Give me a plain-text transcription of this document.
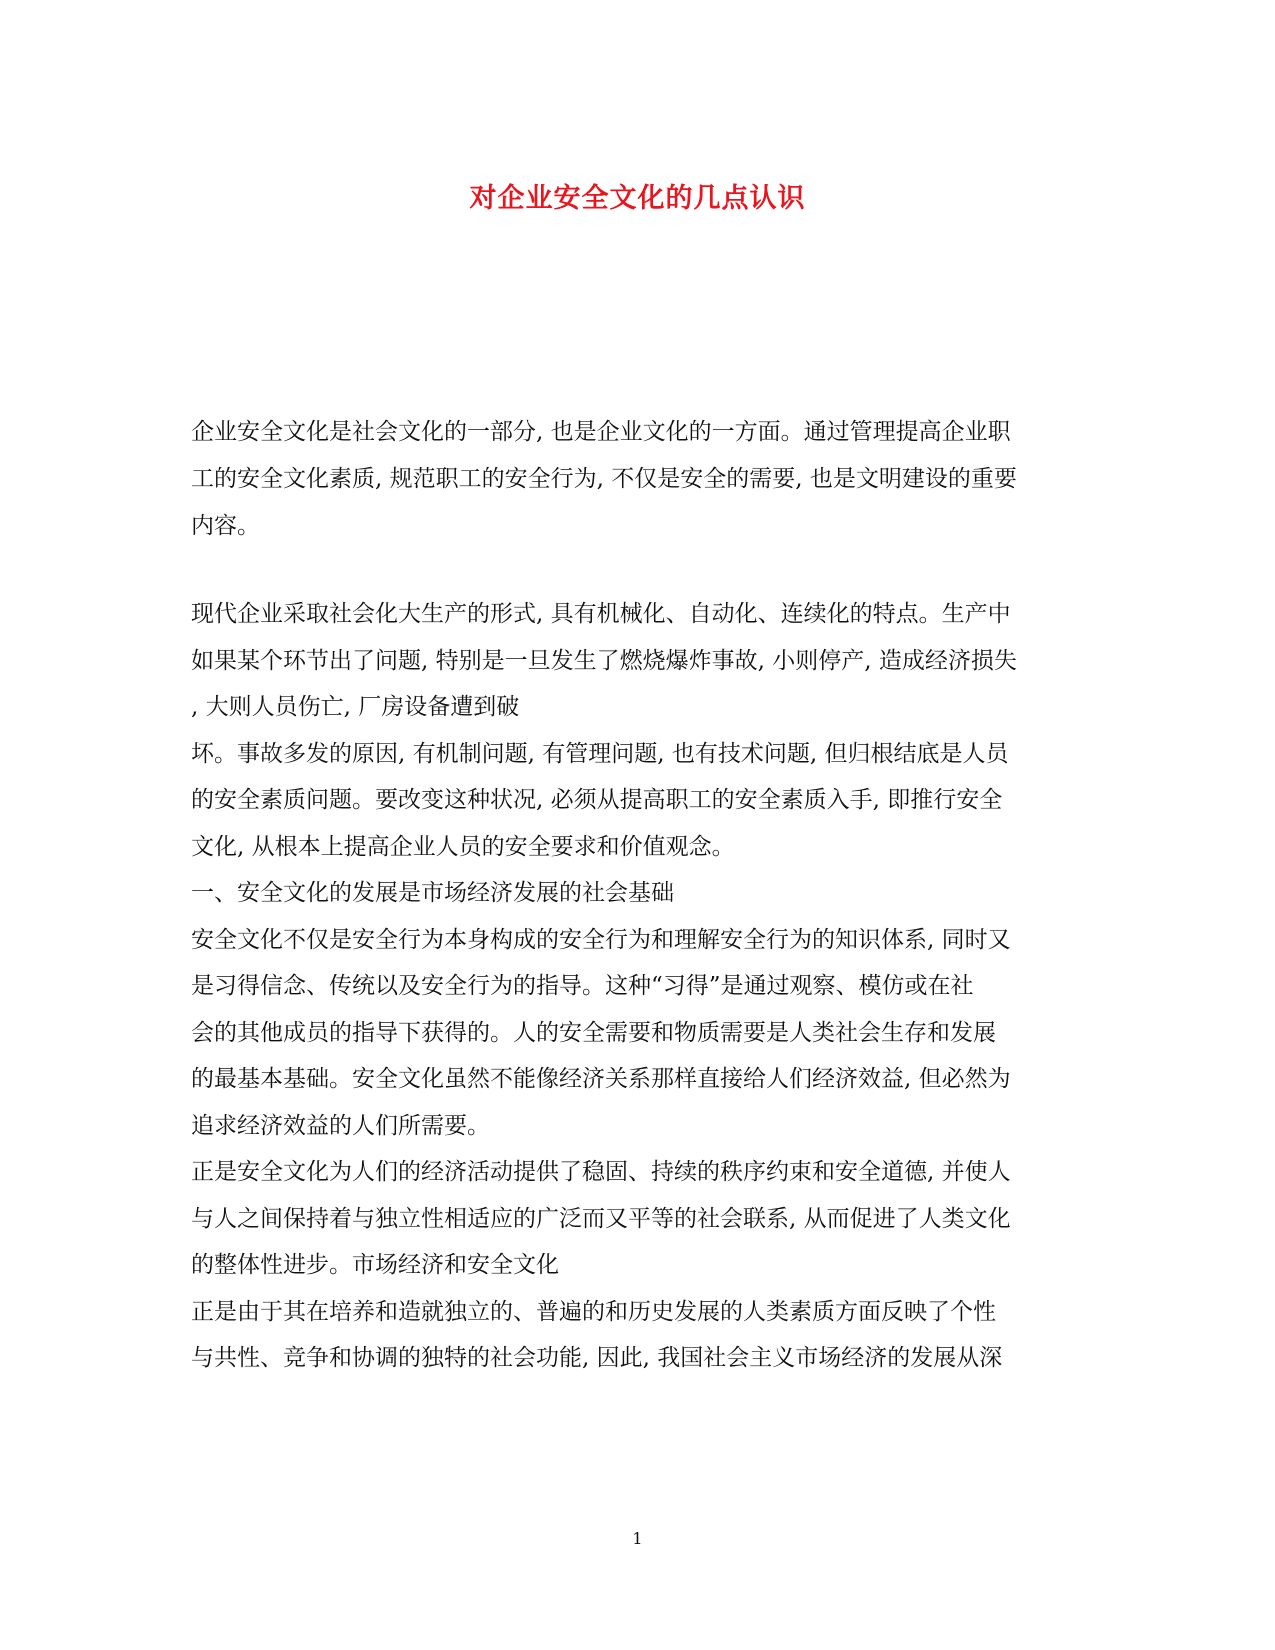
对企业安全文化的几点认识
企业安全文化是社会文化的一部分, 也是企业文化的一方面。通过管理提高企业职
工的安全文化素质, 规范职工的安全行为, 不仅是安全的需要, 也是文明建设的重要
内容。
现代企业采取社会化大生产的形式, 具有机械化、自动化、连续化的特点。生产中
如果某个环节出了问题, 特别是一旦发生了燃烧爆炸事故, 小则停产, 造成经济损失
, 大则人员伤亡, 厂房设备遭到破
坏。事故多发的原因, 有机制问题, 有管理问题, 也有技术问题, 但归根结底是人员
的安全素质问题。要改变这种状况, 必须从提高职工的安全素质入手, 即推行安全
文化, 从根本上提高企业人员的安全要求和价值观念。
一、安全文化的发展是市场经济发展的社会基础
安全文化不仅是安全行为本身构成的安全行为和理解安全行为的知识体系, 同时又
是习得信念、传统以及安全行为的指导。这种“习得”是通过观察、模仿或在社
会的其他成员的指导下获得的。人的安全需要和物质需要是人类社会生存和发展
的最基本基础。安全文化虽然不能像经济关系那样直接给人们经济效益, 但必然为
追求经济效益的人们所需要。
正是安全文化为人们的经济活动提供了稳固、持续的秩序约束和安全道德, 并使人
与人之间保持着与独立性相适应的广泛而又平等的社会联系, 从而促进了人类文化
的整体性进步。市场经济和安全文化
正是由于其在培养和造就独立的、普遍的和历史发展的人类素质方面反映了个性
与共性、竞争和协调的独特的社会功能, 因此, 我国社会主义市场经济的发展从深
1
